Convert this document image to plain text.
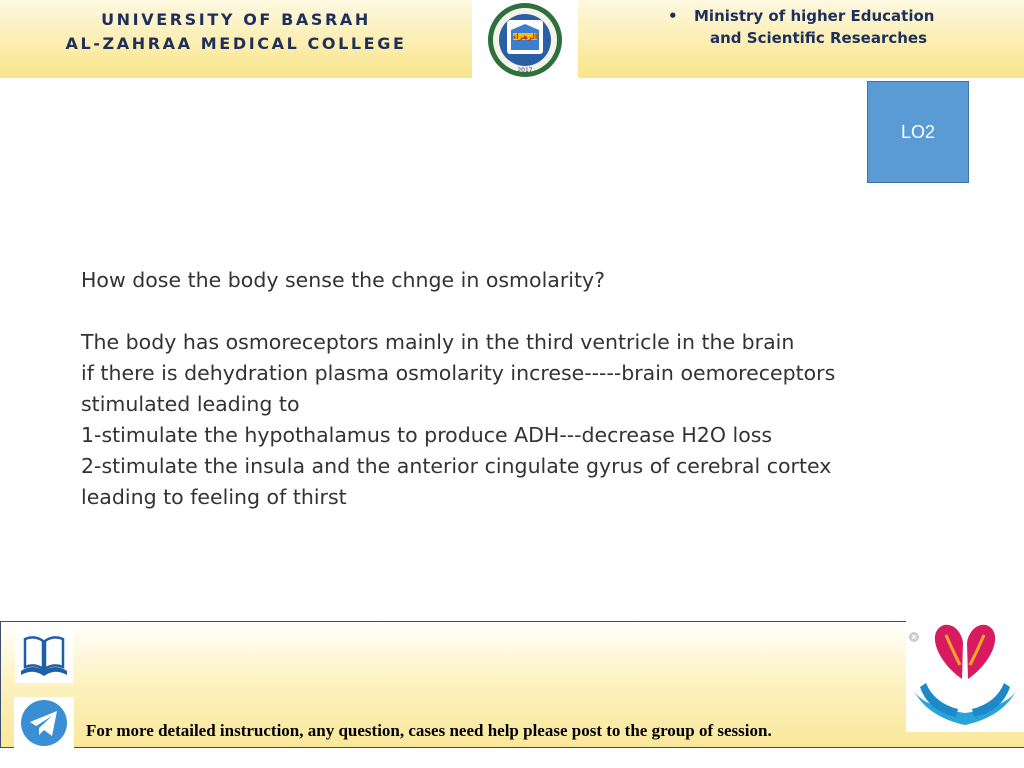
UNIVERSITY OF BASRAH
AL-ZAHRAA MEDICAL COLLEGE	الزهراء
2017
• Ministry of higher Education
and Scientific Researches
LO2

How dose the body sense the chnge in osmolarity?

The body has osmoreceptors mainly in the third ventricle in the brain

if there is dehydration plasma osmolarity increse-----brain oemoreceptors

stimulated leading to

1-stimulate the hypothalamus to produce ADH---decrease H2O loss

2-stimulate the insula and the anterior cingulate gyrus of cerebral cortex

leading to feeling of thirst

For more detailed instruction, any question, cases need help please post to the group of session.
